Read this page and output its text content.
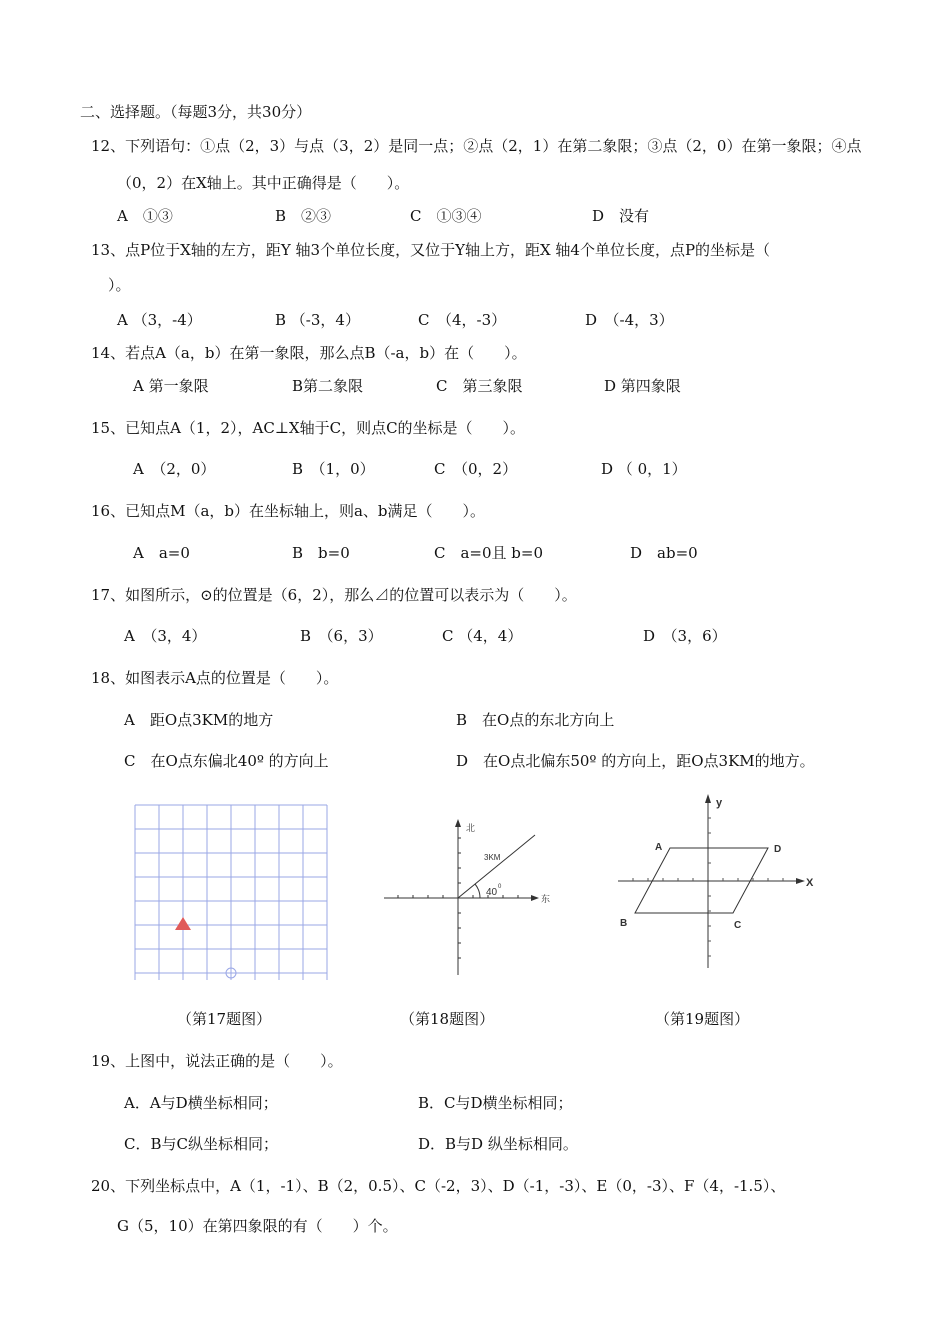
二、选择题。（每题3分，共30分）
12、下列语句：①点（2，3）与点（3，2）是同一点；②点（2，1）在第二象限；③点（2，0）在第一象限；④点
（0，2）在X轴上。其中正确得是（　　）。
A　①③	B　②③	C　①③④	D　没有
13、点P位于X轴的左方，距Y 轴3个单位长度，又位于Y轴上方，距X 轴4个单位长度，点P的坐标是（
）。
A （3，-4）	B （-3，4）	C　（4，-3）	D　（-4，3）
14、若点A（a，b）在第一象限，那么点B（-a，b）在（　　）。
A 第一象限	B第二象限	C　第三象限	D 第四象限
15、已知点A（1，2），AC⊥X轴于C，则点C的坐标是（　　）。
A　（2，0）	B　（1，0）	C　（0，2）	D （ 0，1）
16、已知点M（a，b）在坐标轴上，则a、b满足（　　）。
A　a=0	B　b=0	C　a=0且 b=0	D　ab=0
17、如图所示，⊙的位置是（6，2），那么⊿的位置可以表示为（　　）。
A　（3，4）	B　（6，3）	C （4，4）	D　（3，6）
18、如图表示A点的位置是（　　）。
A　距O点3KM的地方	B　在O点的东北方向上
C　在O点东偏北40º 的方向上	D　在O点北偏东50º 的方向上，距O点3KM的地方。
（第17题图）
北
东
3KM
40 0
（第18题图）
X
y
A	D
B	C
（第19题图）
19、上图中，说法正确的是（　　）。
A．A与D横坐标相同；	B．C与D横坐标相同；
C．B与C纵坐标相同；	D．B与D 纵坐标相同。
20、下列坐标点中，A（1，-1）、B（2，0.5）、C（-2，3）、D（-1，-3）、E（0，-3）、F（4，-1.5）、
G（5，10）在第四象限的有（　　）个。
